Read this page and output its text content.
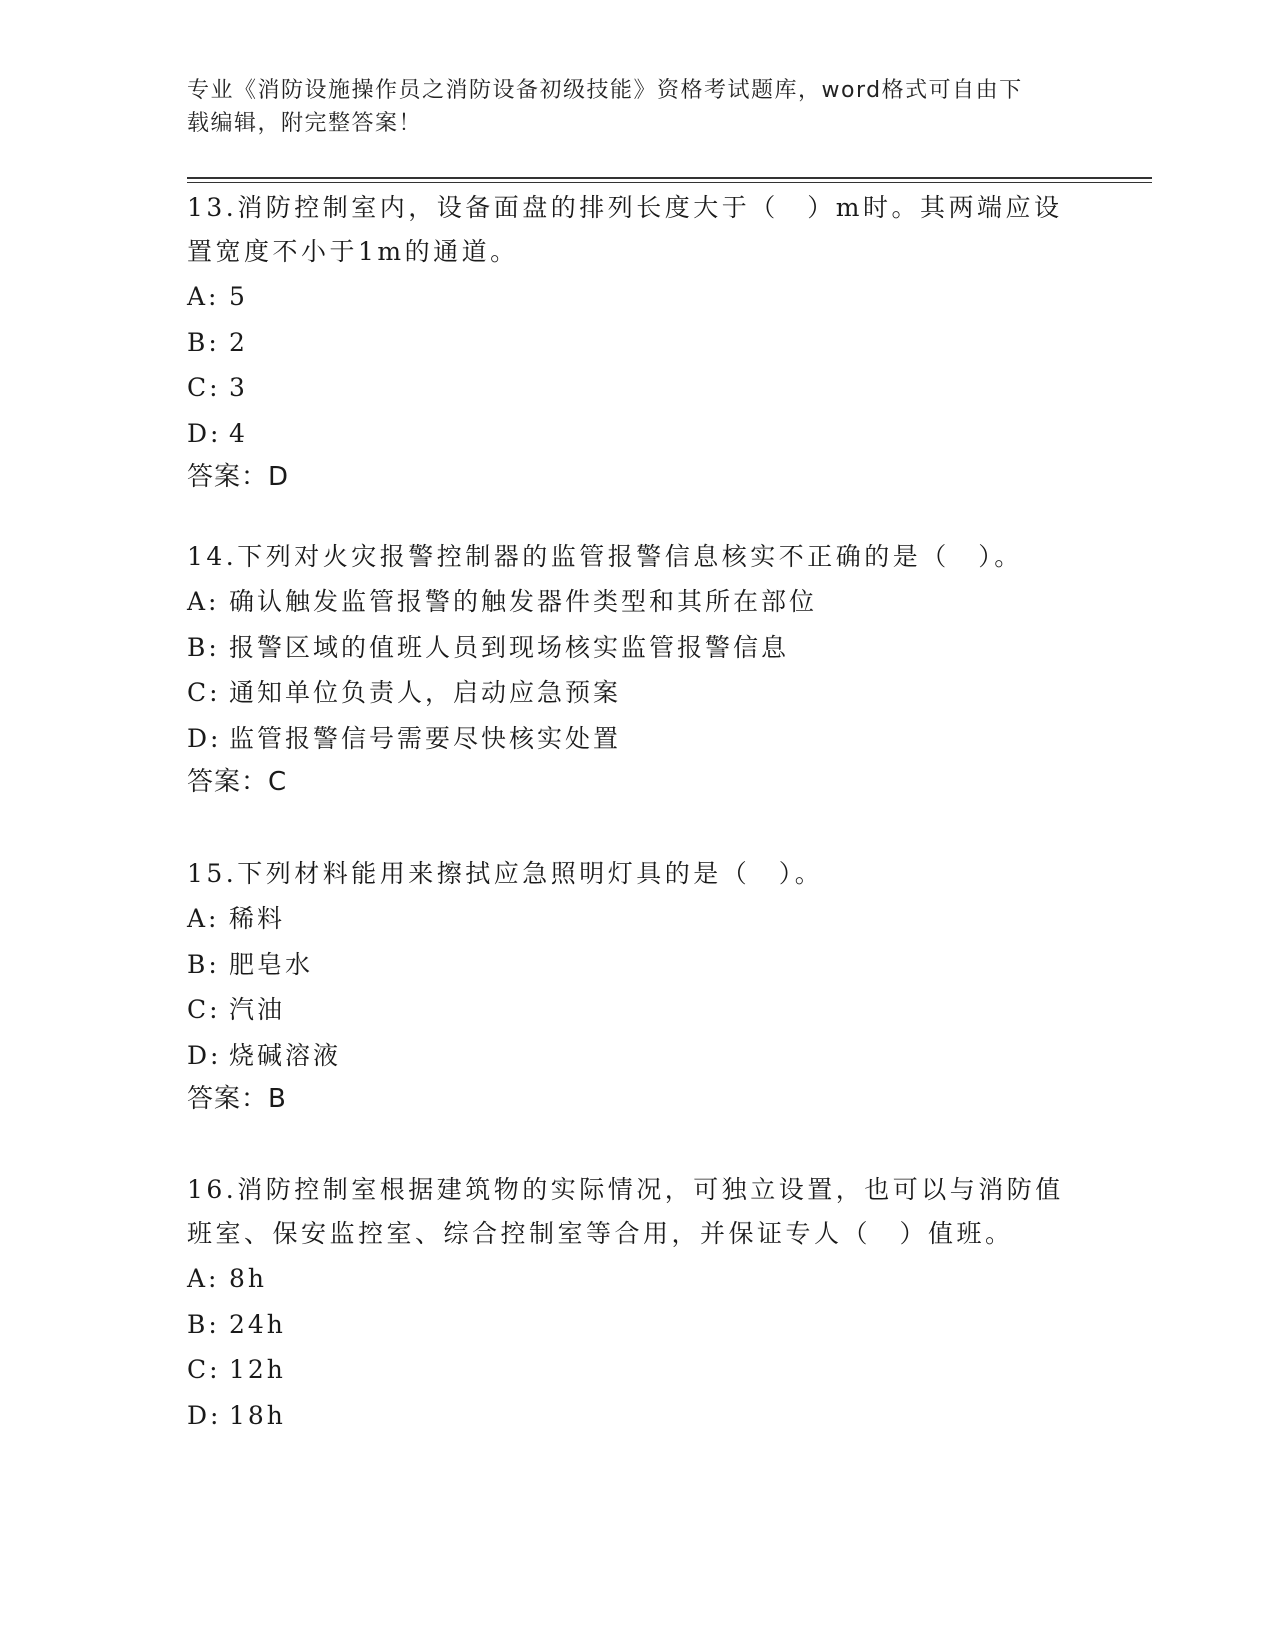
专业《消防设施操作员之消防设备初级技能》资格考试题库，word格式可自由下
载编辑，附完整答案！

13.消防控制室内，设备面盘的排列长度大于（　）m时。其两端应设

置宽度不小于1m的通道。

A: 5

B: 2

C: 3

D: 4

答案：D

14.下列对火灾报警控制器的监管报警信息核实不正确的是（　）。

A: 确认触发监管报警的触发器件类型和其所在部位

B: 报警区域的值班人员到现场核实监管报警信息

C: 通知单位负责人，启动应急预案

D: 监管报警信号需要尽快核实处置

答案：C

15.下列材料能用来擦拭应急照明灯具的是（　）。

A: 稀料

B: 肥皂水

C: 汽油

D: 烧碱溶液

答案：B

16.消防控制室根据建筑物的实际情况，可独立设置，也可以与消防值

班室、保安监控室、综合控制室等合用，并保证专人（　）值班。

A: 8h

B: 24h

C: 12h

D: 18h
